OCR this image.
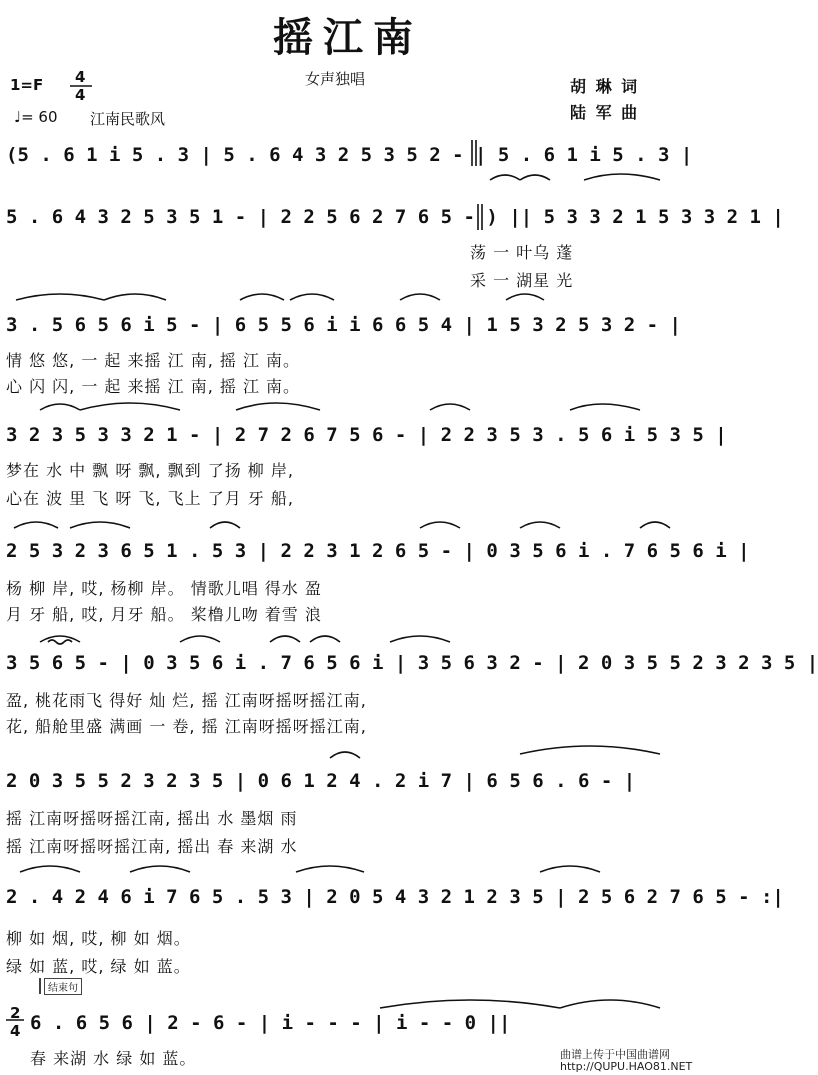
摇江南
1=F 4
4
♩= 60 江南民歌风
女声独唱	胡 琳 词
陆 军 曲
(5 . 6 1 i 5 . 3 | 5 . 6 4 3 2 5 3 5 2 - | 5 . 6 1 i 5 . 3 |
5 . 6 4 3 2 5 3 5 1 - | 2 2 5 6 2 7 6 5 - ) || 5 3 3 2 1 5 3 3 2 1 |
荡 一 叶乌 蓬
采 一 湖星 光
3 . 5 6 5 6 i 5 - | 6 5 5 6 i i 6 6 5 4 | 1 5 3 2 5 3 2 - |
情 悠 悠, 一 起 来摇 江 南, 摇 江 南。
心 闪 闪, 一 起 来摇 江 南, 摇 江 南。
3 2 3 5 3 3 2 1 - | 2 7 2 6 7 5 6 - | 2 2 3 5 3 . 5 6 i 5 3 5 |
梦在 水 中 飘 呀 飘, 飘到 了扬 柳 岸,
心在 波 里 飞 呀 飞, 飞上 了月 牙 船,
2 5 3 2 3 6 5 1 . 5 3 | 2 2 3 1 2 6 5 - | 0 3 5 6 i . 7 6 5 6 i |
杨 柳 岸, 哎, 杨柳 岸。 情歌儿唱 得水 盈
月 牙 船, 哎, 月牙 船。 桨橹儿吻 着雪 浪
3 5 6 5 - | 0 3 5 6 i . 7 6 5 6 i | 3 5 6 3 2 - | 2 0 3 5 5 2 3 2 3 5 |
盈, 桃花雨飞 得好 灿 烂, 摇 江南呀摇呀摇江南,
花, 船舱里盛 满画 一 卷, 摇 江南呀摇呀摇江南,
2 0 3 5 5 2 3 2 3 5 | 0 6 1 2 4 . 2 i 7 | 6 5 6 . 6 - |
摇 江南呀摇呀摇江南, 摇出 水 墨烟 雨
摇 江南呀摇呀摇江南, 摇出 春 来湖 水
2 . 4 2 4 6 i 7 6 5 . 5 3 | 2 0 5 4 3 2 1 2 3 5 | 2 5 6 2 7 6 5 - :|
柳 如 烟, 哎, 柳 如 烟。
绿 如 蓝, 哎, 绿 如 蓝。
结束句
2
4 6 . 6 5 6 | 2 - 6 - | i - - - | i - - 0 ||
春 来湖 水 绿 如 蓝。	曲谱上传于中国曲谱网
http://QUPU.HAO81.NET
